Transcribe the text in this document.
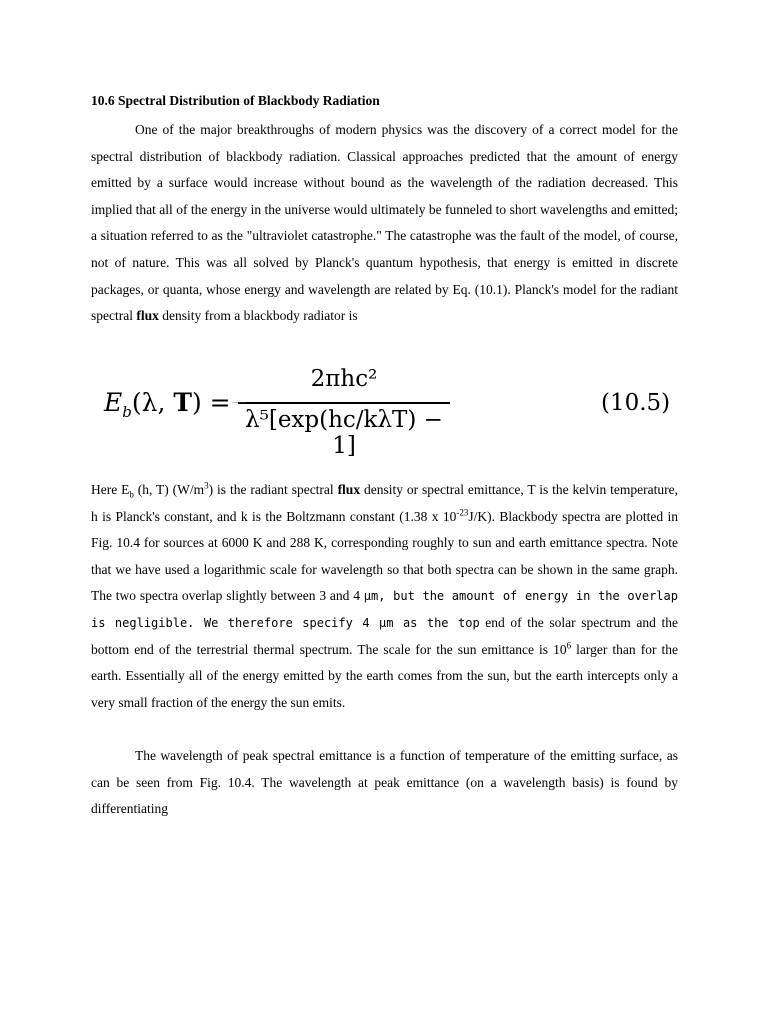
10.6 Spectral Distribution of Blackbody Radiation
One of the major breakthroughs of modern physics was the discovery of a correct model for the spectral distribution of blackbody radiation. Classical approaches predicted that the amount of energy emitted by a surface would increase without bound as the wavelength of the radiation decreased. This implied that all of the energy in the universe would ultimately be funneled to short wavelengths and emitted; a situation referred to as the "ultraviolet catastrophe." The catastrophe was the fault of the model, of course, not of nature. This was all solved by Planck's quantum hypothesis, that energy is emitted in discrete packages, or quanta, whose energy and wavelength are related by Eq. (10.1). Planck's model for the radiant spectral flux density from a blackbody radiator is
$E_b(\lambda$, T) =
2πhc²
λ⁵[exp(hc/kλT) − 1]
‾‾‾	(10.5)
Here $E_b$ (h, T) $(W/m^3)$ is the radiant spectral flux density or spectral emittance, T is the kelvin temperature, h is Planck's constant, and k is the Boltzmann constant (1.38 x $10^{-23}J/K$). Blackbody spectra are plotted in Fig. 10.4 for sources at 6000 K and 288 K, corresponding roughly to sun and earth emittance spectra. Note that we have used a logarithmic scale for wavelength so that both spectra can be shown in the same graph. The two spectra overlap slightly between 3 and 4 μm, but the amount of energy in the overlap is negligible. We therefore specify 4 μm as the top end of the solar spectrum and the bottom end of the terrestrial thermal spectrum. The scale for the sun emittance is $10^6$ larger than for the earth. Essentially all of the energy emitted by the earth comes from the sun, but the earth intercepts only a very small fraction of the energy the sun emits.
The wavelength of peak spectral emittance is a function of temperature of the emitting surface, as can be seen from Fig. 10.4. The wavelength at peak emittance (on a wavelength basis) is found by differentiating
